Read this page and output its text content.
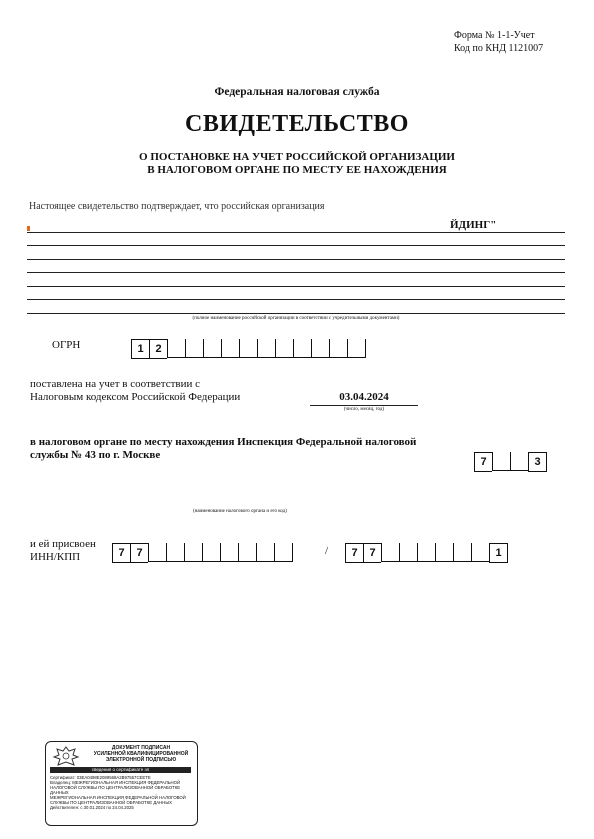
Форма № 1-1-Учет
Код по КНД 1121007
Федеральная налоговая служба
СВИДЕТЕЛЬСТВО
О ПОСТАНОВКЕ НА УЧЕТ РОССИЙСКОЙ ОРГАНИЗАЦИИ
В НАЛОГОВОМ ОРГАНЕ ПО МЕСТУ ЕЕ НАХОЖДЕНИЯ
Настоящее свидетельство подтверждает, что российская организация
ЙДИНГ"
(полное наименование российской организации в соответствии с учредительными документами)
ОГРН	1	2
поставлена на учет в соответствии с
Налоговым кодексом Российской Федерации	03.04.2024
(число, месяц, год)
в налоговом органе по месту нахождения Инспекция Федеральной налоговой
службы № 43 по г. Москве
7	3
(наименование налогового органа и его код)
и ей присвоен
ИНН/КПП	7	7	/	7	7	1
ДОКУМЕНТ ПОДПИСАН
УСИЛЕННОЙ КВАЛИФИЦИРОВАННОЙ
ЭЛЕКТРОННОЙ ПОДПИСЬЮ
сведения о сертификате эп
Сертификат: 03EA0498E2089568A2B97557CEETE
Владелец: МЕЖРЕГИОНАЛЬНАЯ ИНСПЕКЦИЯ ФЕДЕРАЛЬНОЙ НАЛОГОВОЙ СЛУЖБЫ ПО ЦЕНТРАЛИЗОВАННОЙ ОБРАБОТКЕ ДАННЫХ
МЕЖРЕГИОНАЛЬНАЯ ИНСПЕКЦИЯ ФЕДЕРАЛЬНОЙ НАЛОГОВОЙ СЛУЖБЫ ПО ЦЕНТРАЛИЗОВАННОЙ ОБРАБОТКЕ ДАННЫХ
Действителен: с 30.01.2024 по 24.04.2025
